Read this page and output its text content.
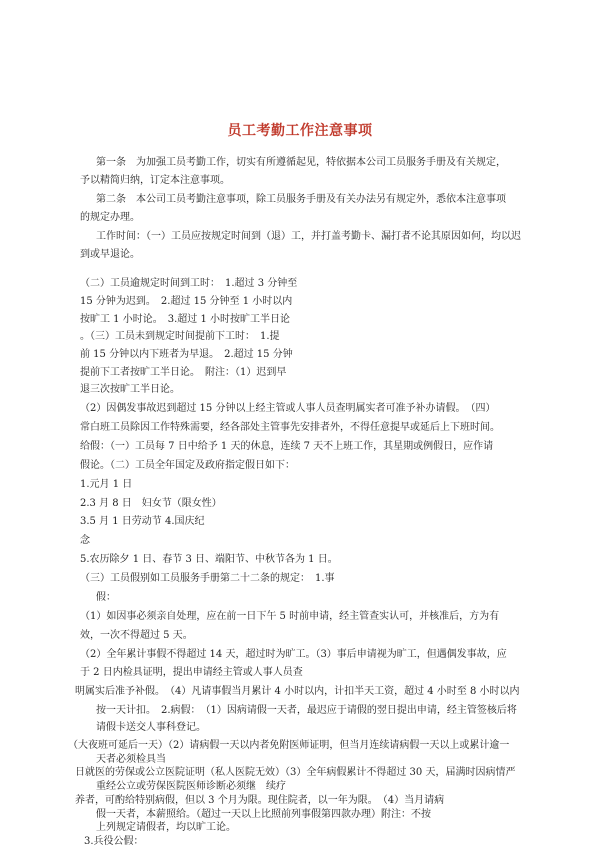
员工考勤工作注意事项
第一条　为加强工员考勤工作，切实有所遵循起见，特依据本公司工员服务手册及有关规定，
予以精简归纳，订定本注意事项。
第二条　本公司工员考勤注意事项，除工员服务手册及有关办法另有规定外，悉依本注意事项
的规定办理。
工作时间：（一）工员应按规定时间到（退）工，并打盖考勤卡、漏打者不论其原因如何，均以迟
到或早退论。
（二）工员逾规定时间到工时：　1.超过 3 分钟至
15 分钟为迟到。　2.超过 15 分钟至 1 小时以内
按旷工 1 小时论。　3.超过 1 小时按旷工半日论
。（三）工员未到规定时间提前下工时：　1.提
前 15 分钟以内下班者为早退。　2.超过 15 分钟
提前下工者按旷工半日论。　附注：（1）迟到早
退三次按旷工半日论。
（2）因偶发事故迟到超过 15 分钟以上经主管或人事人员查明属实者可准予补办请假。　（四）
常白班工员除因工作特殊需要，经各部处主管事先安排者外，不得任意提早或延后上下班时间。
给假：（一）工员每 7 日中给予 1 天的休息，连续 7 天不上班工作，其星期或例假日，应作请
假论。（二）工员全年国定及政府指定假日如下：
1.元月 1 日
2.3 月 8 日　妇女节（限女性）
3.5 月 1 日劳动节 4.国庆纪
念
5.农历除夕 1 日、春节 3 日、端阳节、中秋节各为 1 日。
（三）工员假别如工员服务手册第二十二条的规定：　1.事
假：
（1）如因事必须亲自处理，应在前一日下午 5 时前申请，经主管查实认可，并核准后，方为有
效，一次不得超过 5 天。
（2）全年累计事假不得超过 14 天，超过时为旷工。（3）事后申请视为旷工，但遇偶发事故，应
于 2 日内检具证明，提出申请经主管或人事人员查
明属实后准予补假。　（4）凡请事假当月累计 4 小时以内，计扣半天工资，超过 4 小时至 8 小时以内
按一天计扣。　2.病假：　（1）因病请假一天者，最迟应于请假的翌日提出申请，经主管签核后将
请假卡送交人事科登记。
（大夜班可延后一天）（2）请病假一天以内者免附医师证明，但当月连续请病假一天以上或累计逾一
天者必须检具当
日就医的劳保或公立医院证明（私人医院无效）（3）全年病假累计不得超过 30 天，届满时因病情严
重经公立或劳保医院医师诊断必须继　续疗
养者，可酌给特别病假，但以 3 个月为限。现住院者，以一年为限。　（4）当月请病
假一天者，本薪照给。（超过一天以上比照前列事假第四款办理）附注：不按
上列规定请假者，均以旷工论。
3.兵役公假：
